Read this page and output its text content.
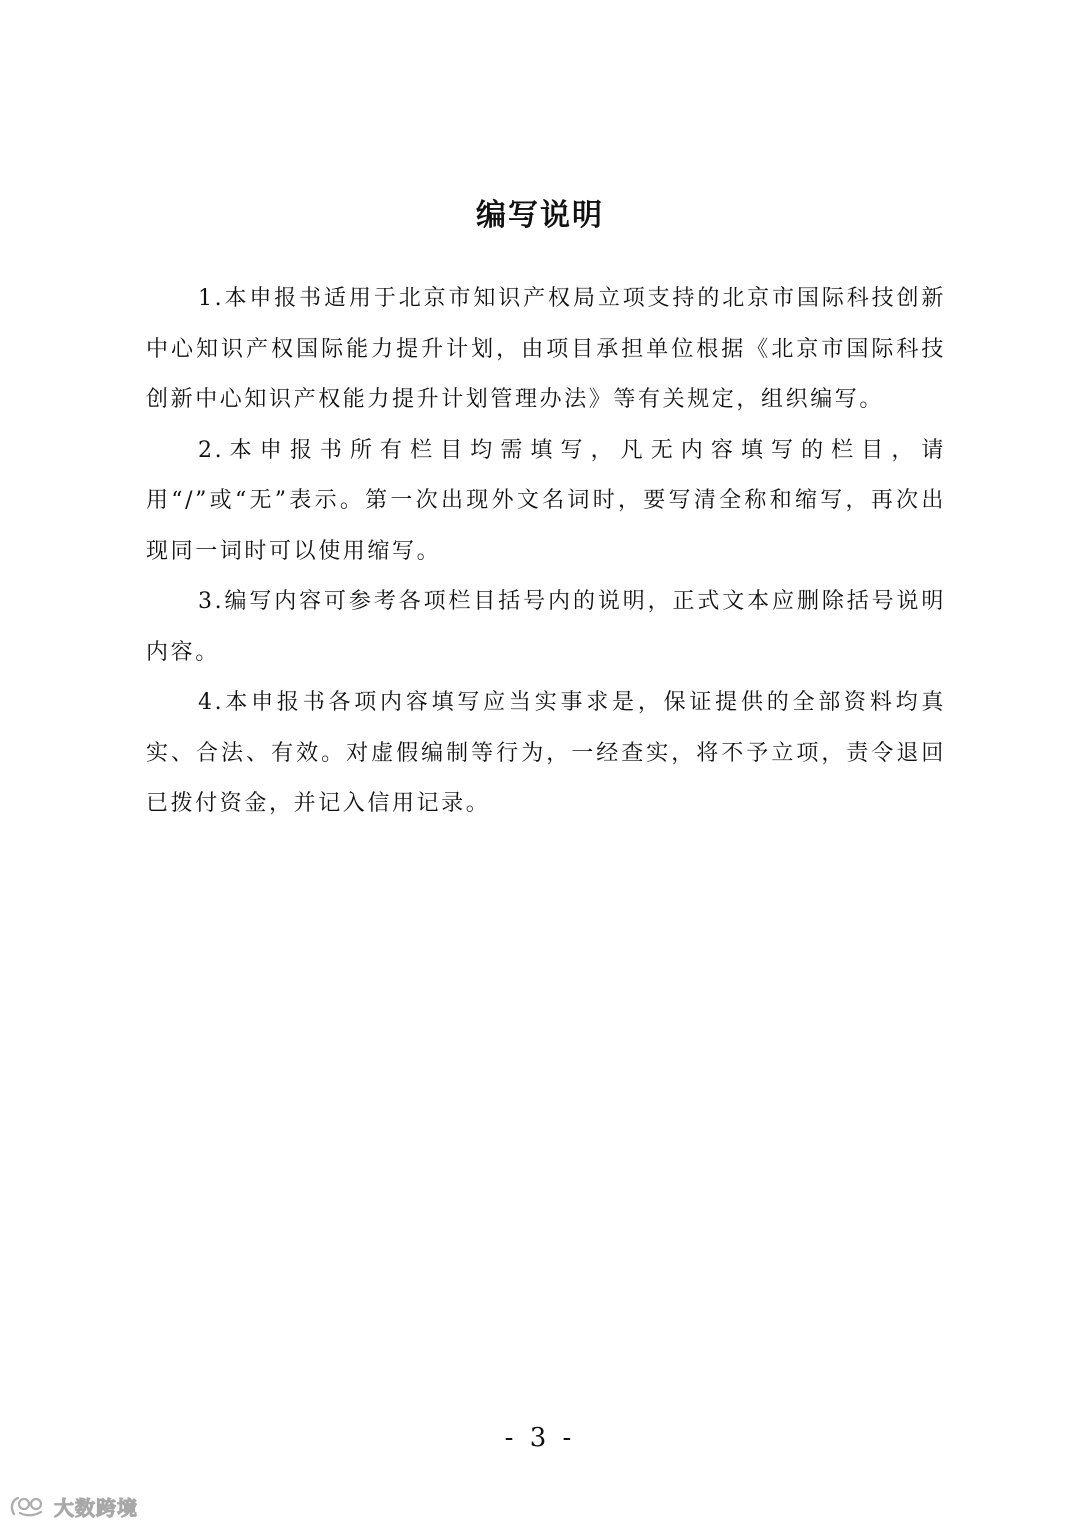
编写说明

1.本申报书适用于北京市知识产权局立项支持的北京市国际科技创新中心知识产权国际能力提升计划，由项目承担单位根据《北京市国际科技创新中心知识产权能力提升计划管理办法》等有关规定，组织编写。

2.本申报书所有栏目均需填写，凡无内容填写的栏目，请用“/”或“无”表示。第一次出现外文名词时，要写清全称和缩写，再次出现同一词时可以使用缩写。

3.编写内容可参考各项栏目括号内的说明，正式文本应删除括号说明内容。

4.本申报书各项内容填写应当实事求是，保证提供的全部资料均真实、合法、有效。对虚假编制等行为，一经查实，将不予立项，责令退回已拨付资金，并记入信用记录。

- 3 -
大数跨境
